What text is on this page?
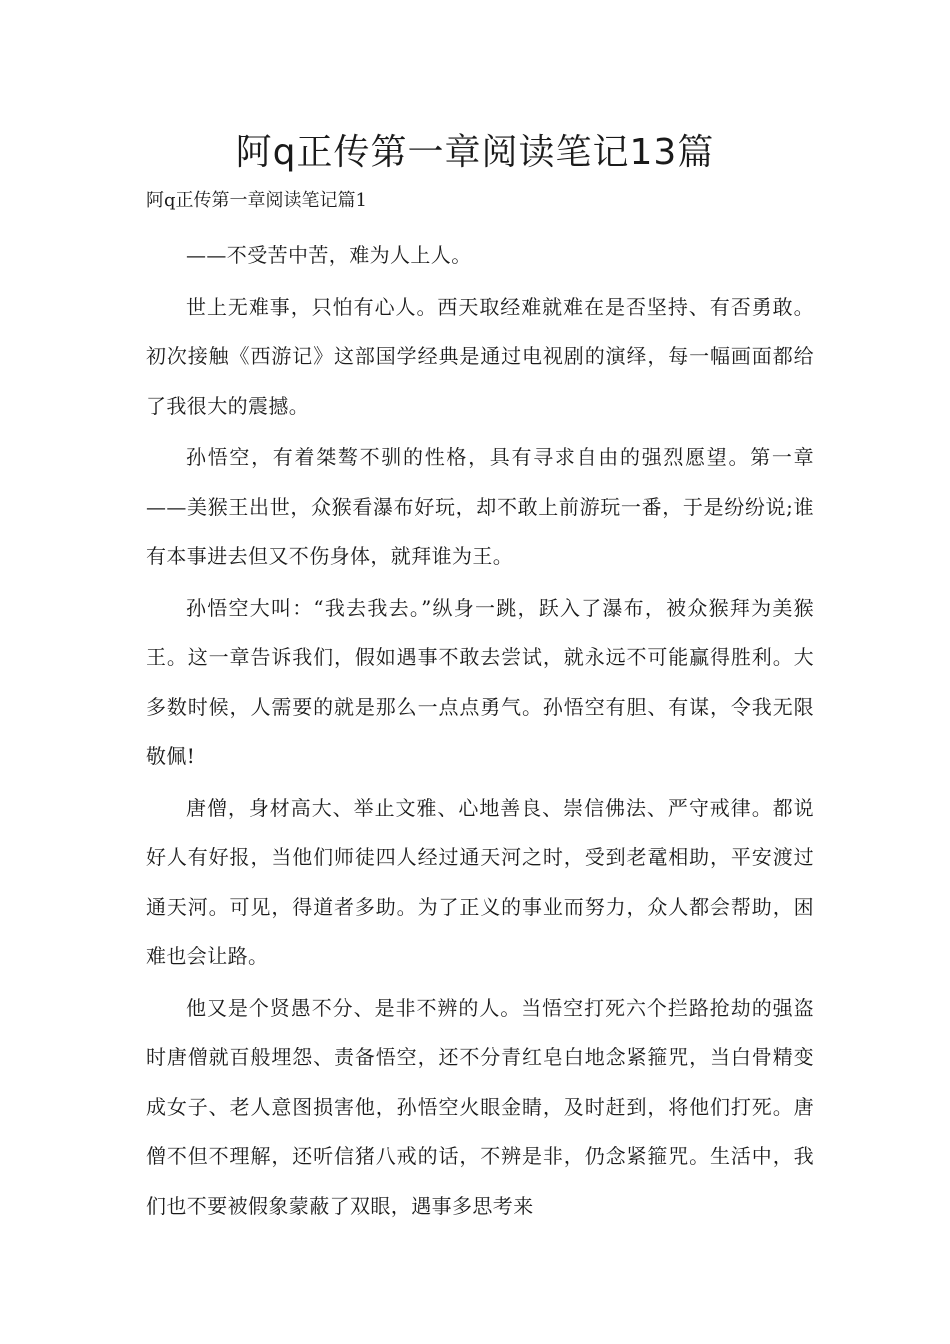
阿q正传第一章阅读笔记13篇

阿q正传第一章阅读笔记篇1

——不受苦中苦，难为人上人。

世上无难事，只怕有心人。西天取经难就难在是否坚持、有否勇敢。初次接触《西游记》这部国学经典是通过电视剧的演绎，每一幅画面都给了我很大的震撼。

孙悟空，有着桀骜不驯的性格，具有寻求自由的强烈愿望。第一章——美猴王出世，众猴看瀑布好玩，却不敢上前游玩一番，于是纷纷说;谁有本事进去但又不伤身体，就拜谁为王。

孙悟空大叫：“我去我去。”纵身一跳，跃入了瀑布，被众猴拜为美猴王。这一章告诉我们，假如遇事不敢去尝试，就永远不可能赢得胜利。大多数时候，人需要的就是那么一点点勇气。孙悟空有胆、有谋，令我无限敬佩!

唐僧，身材高大、举止文雅、心地善良、崇信佛法、严守戒律。都说好人有好报，当他们师徒四人经过通天河之时，受到老鼋相助，平安渡过通天河。可见，得道者多助。为了正义的事业而努力，众人都会帮助，困难也会让路。

他又是个贤愚不分、是非不辨的人。当悟空打死六个拦路抢劫的强盗时唐僧就百般埋怨、责备悟空，还不分青红皂白地念紧箍咒，当白骨精变成女子、老人意图损害他，孙悟空火眼金睛，及时赶到，将他们打死。唐僧不但不理解，还听信猪八戒的话，不辨是非，仍念紧箍咒。生活中，我们也不要被假象蒙蔽了双眼，遇事多思考来
